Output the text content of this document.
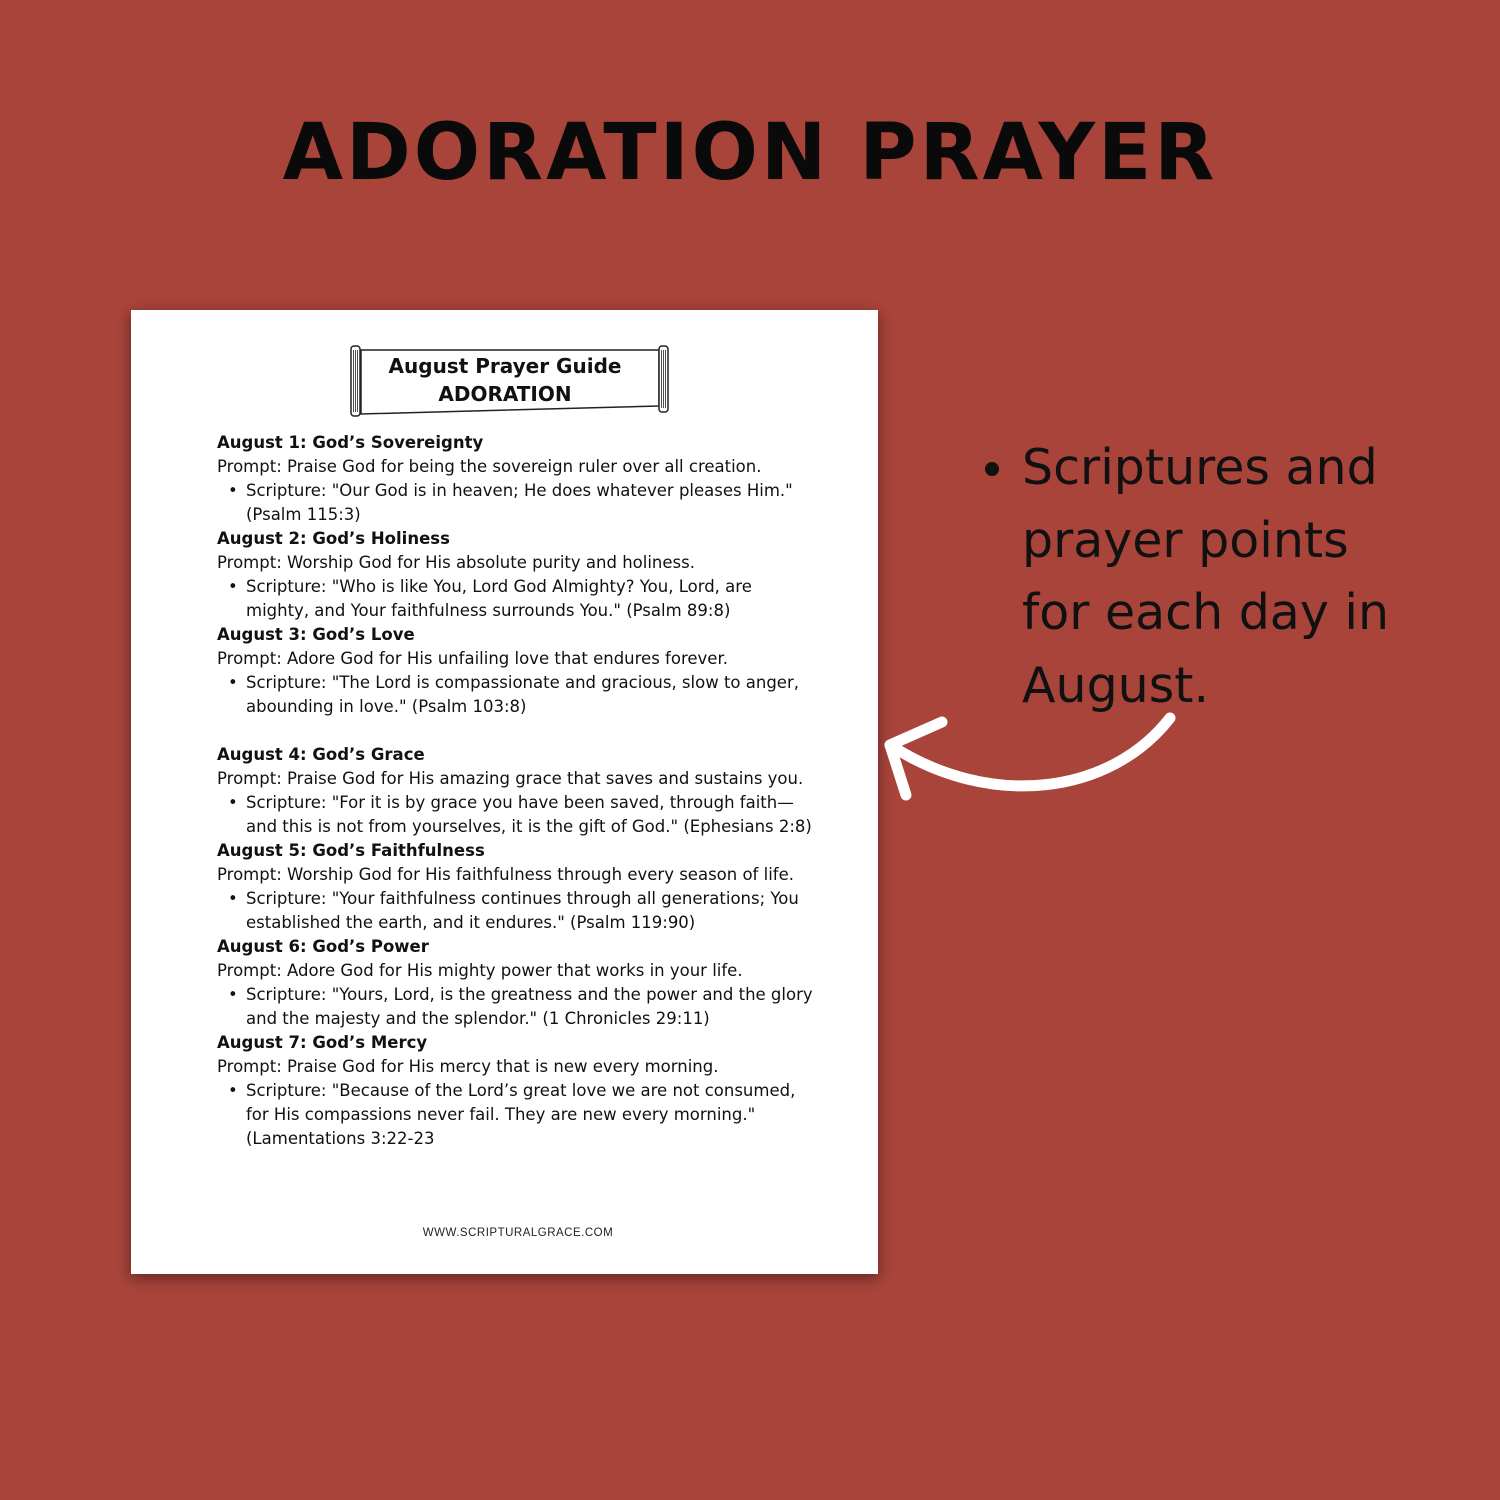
ADORATION PRAYER
August Prayer Guide
ADORATION

August 1: God’s Sovereignty

Prompt: Praise God for being the sovereign ruler over all creation.

• Scripture: "Our God is in heaven; He does whatever pleases Him." (Psalm 115:3)

August 2: God’s Holiness

Prompt: Worship God for His absolute purity and holiness.

• Scripture: "Who is like You, Lord God Almighty? You, Lord, are mighty, and Your faithfulness surrounds You." (Psalm 89:8)

August 3: God’s Love

Prompt: Adore God for His unfailing love that endures forever.

• Scripture: "The Lord is compassionate and gracious, slow to anger, abounding in love." (Psalm 103:8)

August 4: God’s Grace

Prompt: Praise God for His amazing grace that saves and sustains you.

• Scripture: "For it is by grace you have been saved, through faith—and this is not from yourselves, it is the gift of God." (Ephesians 2:8)

August 5: God’s Faithfulness

Prompt: Worship God for His faithfulness through every season of life.

• Scripture: "Your faithfulness continues through all generations; You established the earth, and it endures." (Psalm 119:90)

August 6: God’s Power

Prompt: Adore God for His mighty power that works in your life.

• Scripture: "Yours, Lord, is the greatness and the power and the glory and the majesty and the splendor." (1 Chronicles 29:11)

August 7: God’s Mercy

Prompt: Praise God for His mercy that is new every morning.

• Scripture: "Because of the Lord’s great love we are not consumed, for His compassions never fail. They are new every morning." (Lamentations 3:22-23
WWW.SCRIPTURALGRACE.COM
Scriptures and prayer points for each day in August.
